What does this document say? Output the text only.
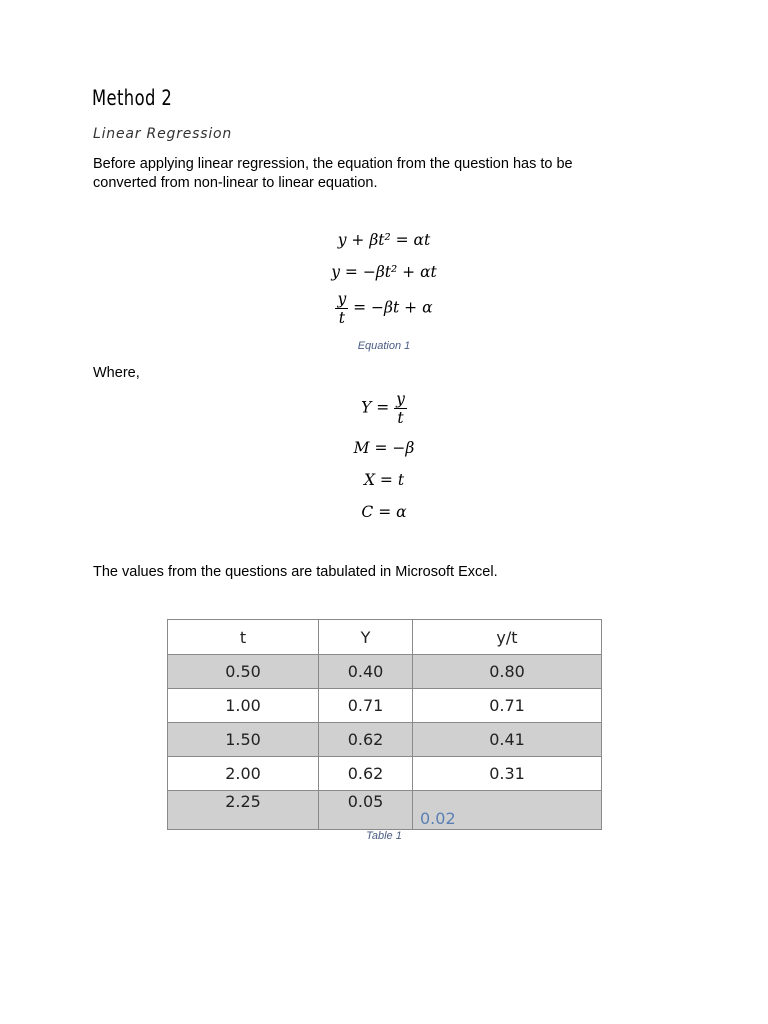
Method 2
Linear Regression
Before applying linear regression, the equation from the question has to be
converted from non-linear to linear equation.
y + βt² = αt
y = −βt² + αt
$\frac{y}{t} = -\beta t + \alpha$
Equation 1
Where,
$Y = \frac{y}{t}$
M = −β
X = t
C = α
The values from the questions are tabulated in Microsoft Excel.
t	Y	y/t
0.50	0.40	0.80
1.00	0.71	0.71
1.50	0.62	0.41
2.00	0.62	0.31

2.25	0.05	0.02
Table 1
